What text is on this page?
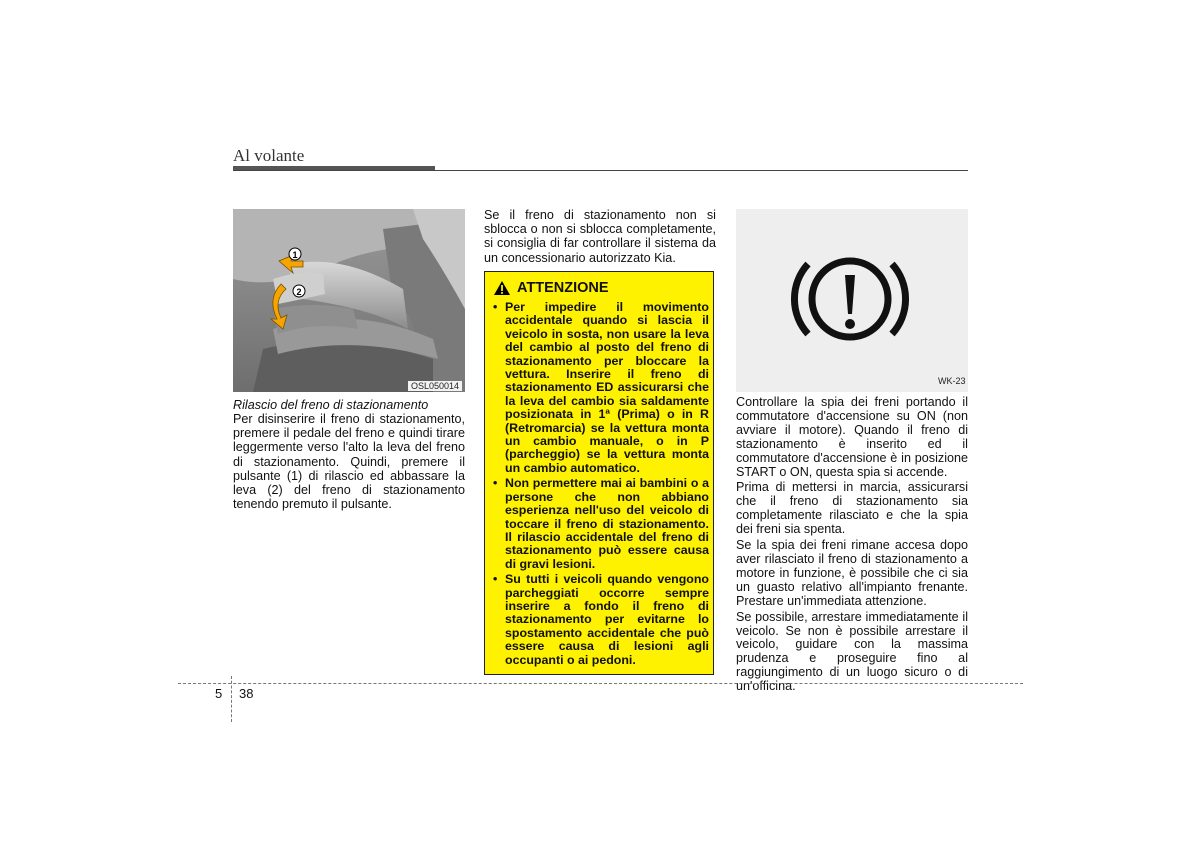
Al volante
1
2
OSL050014
Rilascio del freno di stazionamento
Per disinserire il freno di stazionamento, premere il pedale del freno e quindi tirare leggermente verso l'alto la leva del freno di stazionamento. Quindi, premere il pulsante (1) di rilascio ed abbassare la leva (2) del freno di stazionamento tenendo premuto il pulsante.
Se il freno di stazionamento non si sblocca o non si sblocca completamente, si consiglia di far controllare il sistema da un concessionario autorizzato Kia.
ATTENZIONE
• Per impedire il movimento accidentale quando si lascia il veicolo in sosta, non usare la leva del cambio al posto del freno di stazionamento per bloccare la vettura. Inserire il freno di stazionamento ED assicurarsi che la leva del cambio sia saldamente posizionata in 1ª (Prima) o in R (Retromarcia) se la vettura monta un cambio manuale, o in P (parcheggio) se la vettura monta un cambio automatico.
• Non permettere mai ai bambini o a persone che non abbiano esperienza nell'uso del veicolo di toccare il freno di stazionamento. Il rilascio accidentale del freno di stazionamento può essere causa di gravi lesioni.
• Su tutti i veicoli quando vengono parcheggiati occorre sempre inserire a fondo il freno di stazionamento per evitarne lo spostamento accidentale che può essere causa di lesioni agli occupanti o ai pedoni.
WK-23

Controllare la spia dei freni portando il commutatore d'accensione su ON (non avviare il motore). Quando il freno di stazionamento è inserito ed il commutatore d'accensione è in posizione START o ON, questa spia si accende.

Prima di mettersi in marcia, assicurarsi che il freno di stazionamento sia completamente rilasciato e che la spia dei freni sia spenta.

Se la spia dei freni rimane accesa dopo aver rilasciato il freno di stazionamento a motore in funzione, è possibile che ci sia un guasto relativo all'impianto frenante. Prestare un'immediata attenzione.

Se possibile, arrestare immediatamente il veicolo. Se non è possibile arrestare il veicolo, guidare con la massima prudenza e proseguire fino al raggiungimento di un luogo sicuro o di un'officina.

5 38
